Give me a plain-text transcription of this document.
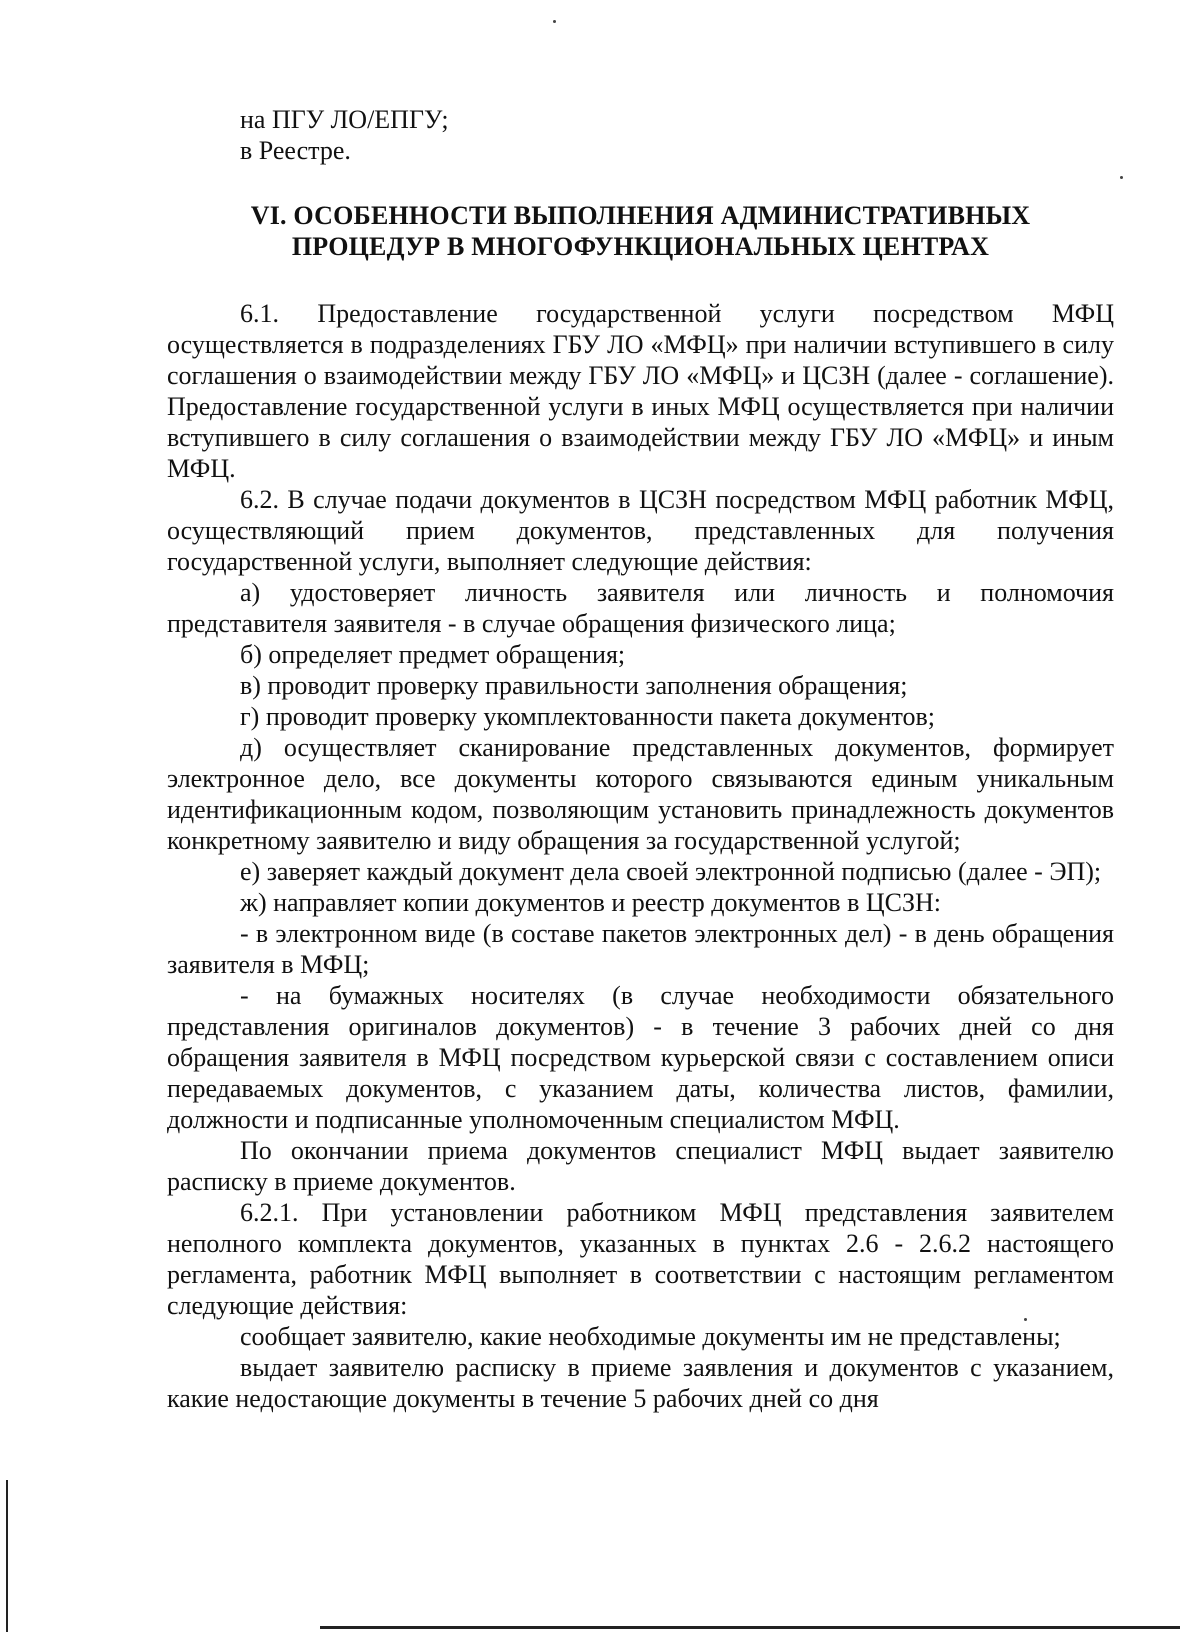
на ПГУ ЛО/ЕПГУ;

в Реестре.

VI. ОСОБЕННОСТИ ВЫПОЛНЕНИЯ АДМИНИСТРАТИВНЫХ
ПРОЦЕДУР В МНОГОФУНКЦИОНАЛЬНЫХ ЦЕНТРАХ

6.1. Предоставление государственной услуги посредством МФЦ осуществляется в подразделениях ГБУ ЛО «МФЦ» при наличии вступившего в силу соглашения о взаимодействии между ГБУ ЛО «МФЦ» и ЦСЗН (далее - соглашение). Предоставление государственной услуги в иных МФЦ осуществляется при наличии вступившего в силу соглашения о взаимодействии между ГБУ ЛО «МФЦ» и иным МФЦ.

6.2. В случае подачи документов в ЦСЗН посредством МФЦ работник МФЦ, осуществляющий прием документов, представленных для получения государственной услуги, выполняет следующие действия:

а) удостоверяет личность заявителя или личность и полномочия представителя заявителя - в случае обращения физического лица;

б) определяет предмет обращения;

в) проводит проверку правильности заполнения обращения;

г) проводит проверку укомплектованности пакета документов;

д) осуществляет сканирование представленных документов, формирует электронное дело, все документы которого связываются единым уникальным идентификационным кодом, позволяющим установить принадлежность документов конкретному заявителю и виду обращения за государственной услугой;

е) заверяет каждый документ дела своей электронной подписью (далее - ЭП);

ж) направляет копии документов и реестр документов в ЦСЗН:

- в электронном виде (в составе пакетов электронных дел) - в день обращения заявителя в МФЦ;

- на бумажных носителях (в случае необходимости обязательного представления оригиналов документов) - в течение 3 рабочих дней со дня обращения заявителя в МФЦ посредством курьерской связи с составлением описи передаваемых документов, с указанием даты, количества листов, фамилии, должности и подписанные уполномоченным специалистом МФЦ.

По окончании приема документов специалист МФЦ выдает заявителю расписку в приеме документов.

6.2.1. При установлении работником МФЦ представления заявителем неполного комплекта документов, указанных в пунктах 2.6 - 2.6.2 настоящего регламента, работник МФЦ выполняет в соответствии с настоящим регламентом следующие действия:

сообщает заявителю, какие необходимые документы им не представлены;

выдает заявителю расписку в приеме заявления и документов с указанием, какие недостающие документы в течение 5 рабочих дней со дня
